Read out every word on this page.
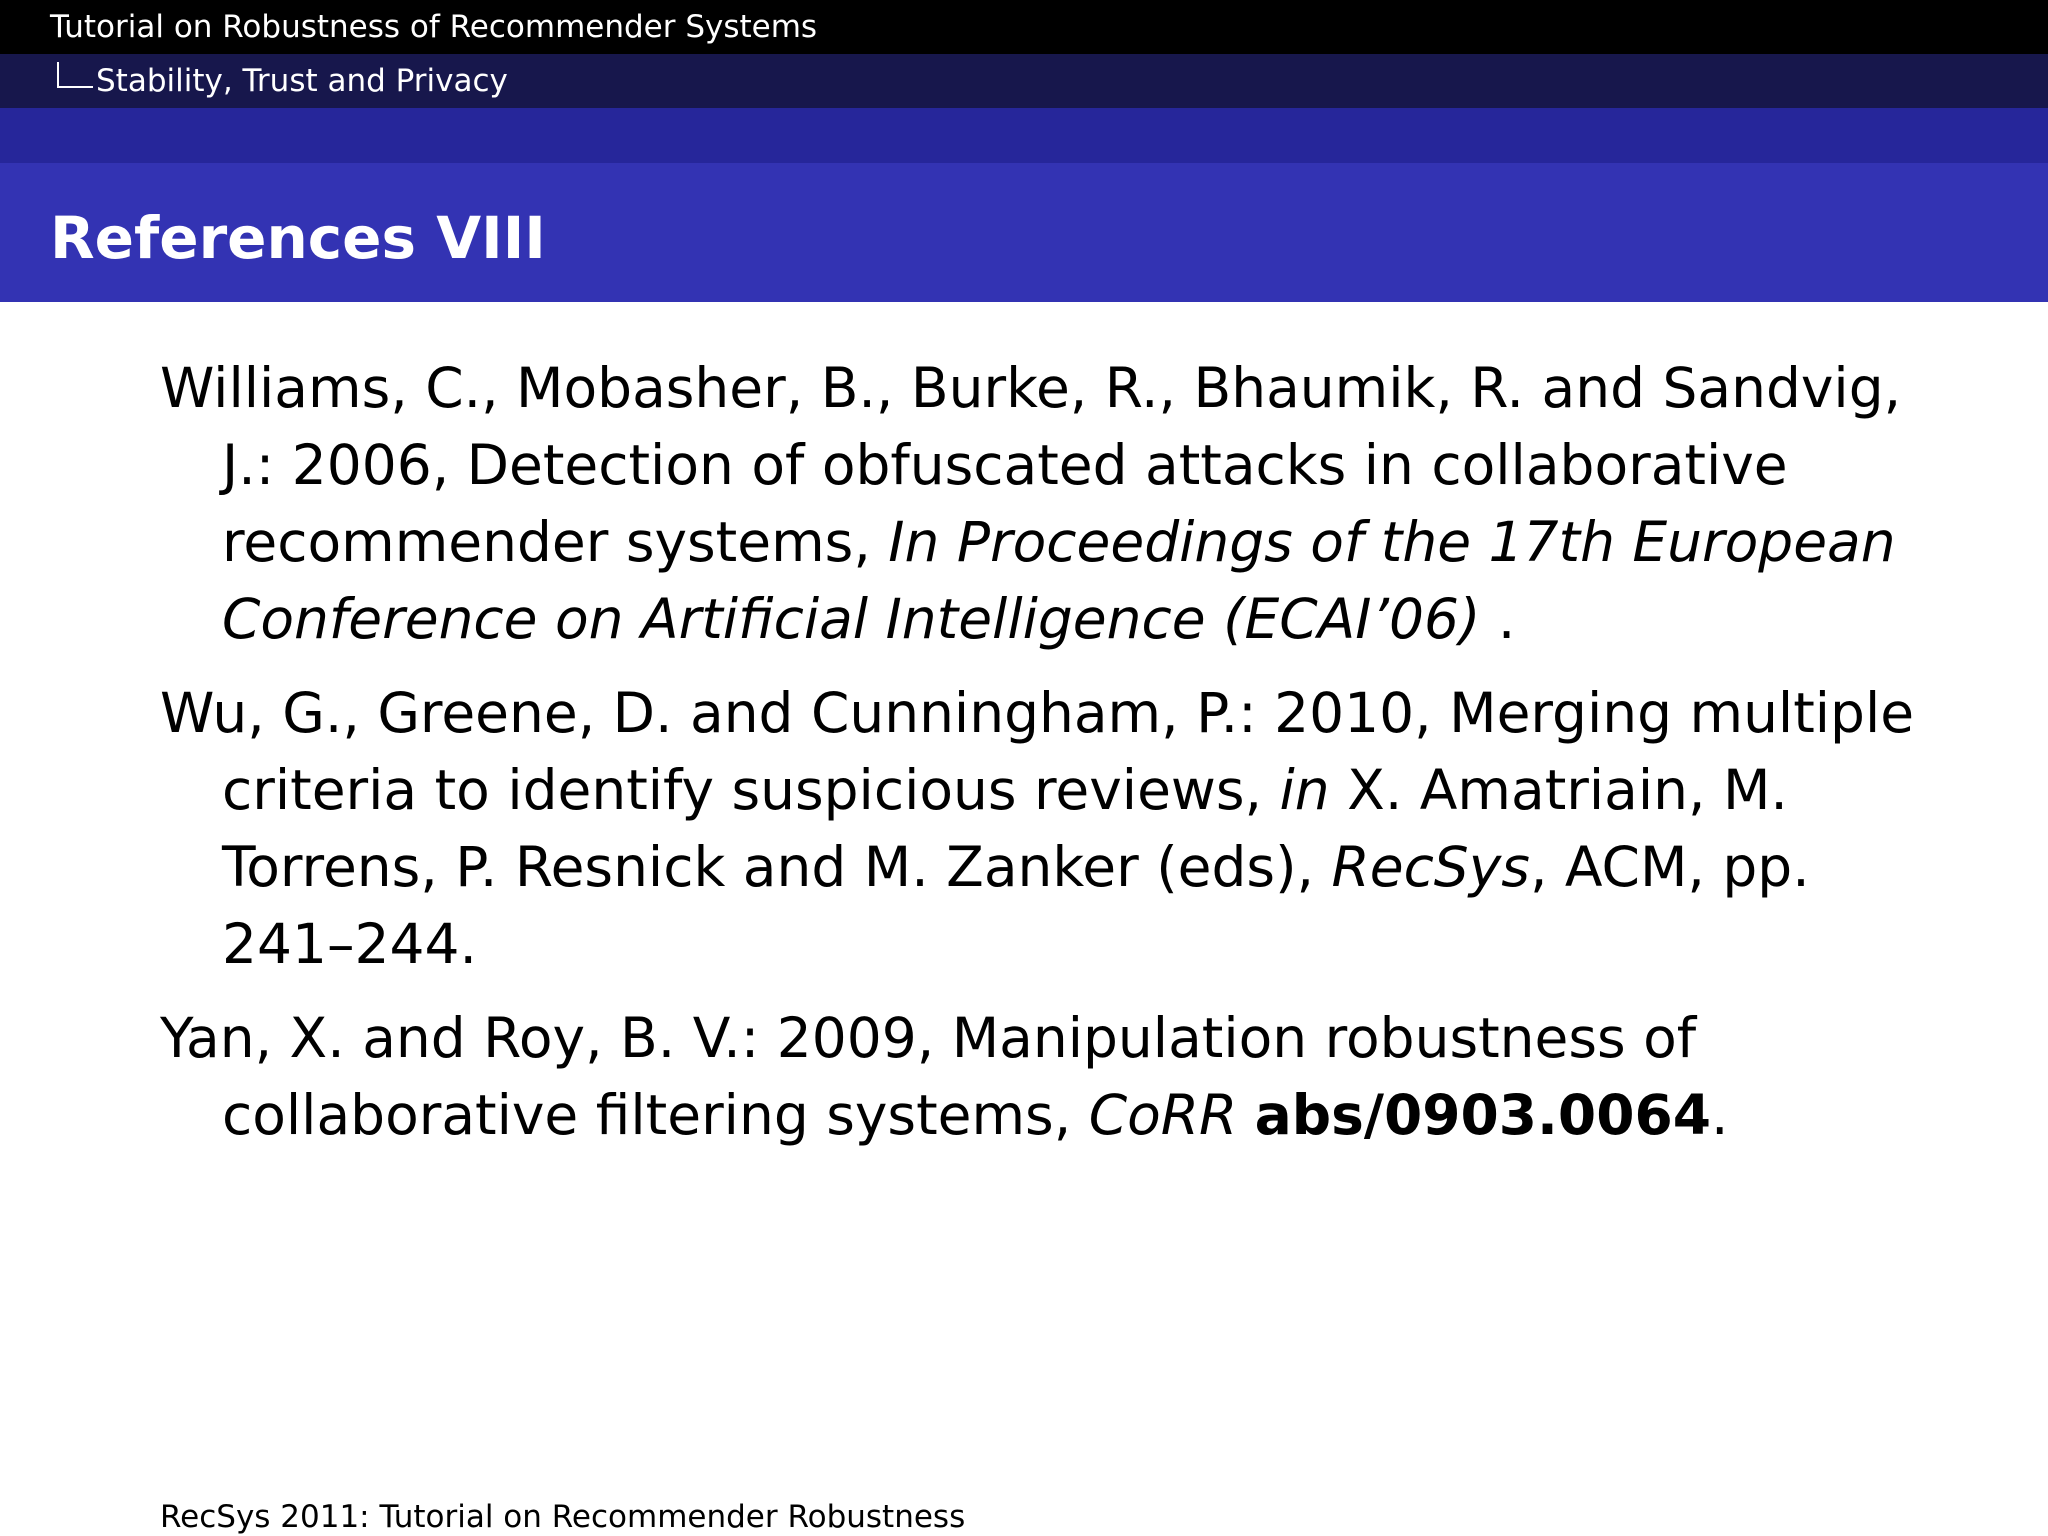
Tutorial on Robustness of Recommender Systems
Stability, Trust and Privacy
References VIII
Williams, C., Mobasher, B., Burke, R., Bhaumik, R. and Sandvig, J.: 2006, Detection of obfuscated attacks in collaborative recommender systems, In Proceedings of the 17th European Conference on Artificial Intelligence (ECAI’06) .
Wu, G., Greene, D. and Cunningham, P.: 2010, Merging multiple criteria to identify suspicious reviews, in X. Amatriain, M. Torrens, P. Resnick and M. Zanker (eds), RecSys, ACM, pp. 241–244.
Yan, X. and Roy, B. V.: 2009, Manipulation robustness of collaborative filtering systems, CoRR abs/0903.0064.
RecSys 2011: Tutorial on Recommender Robustness
